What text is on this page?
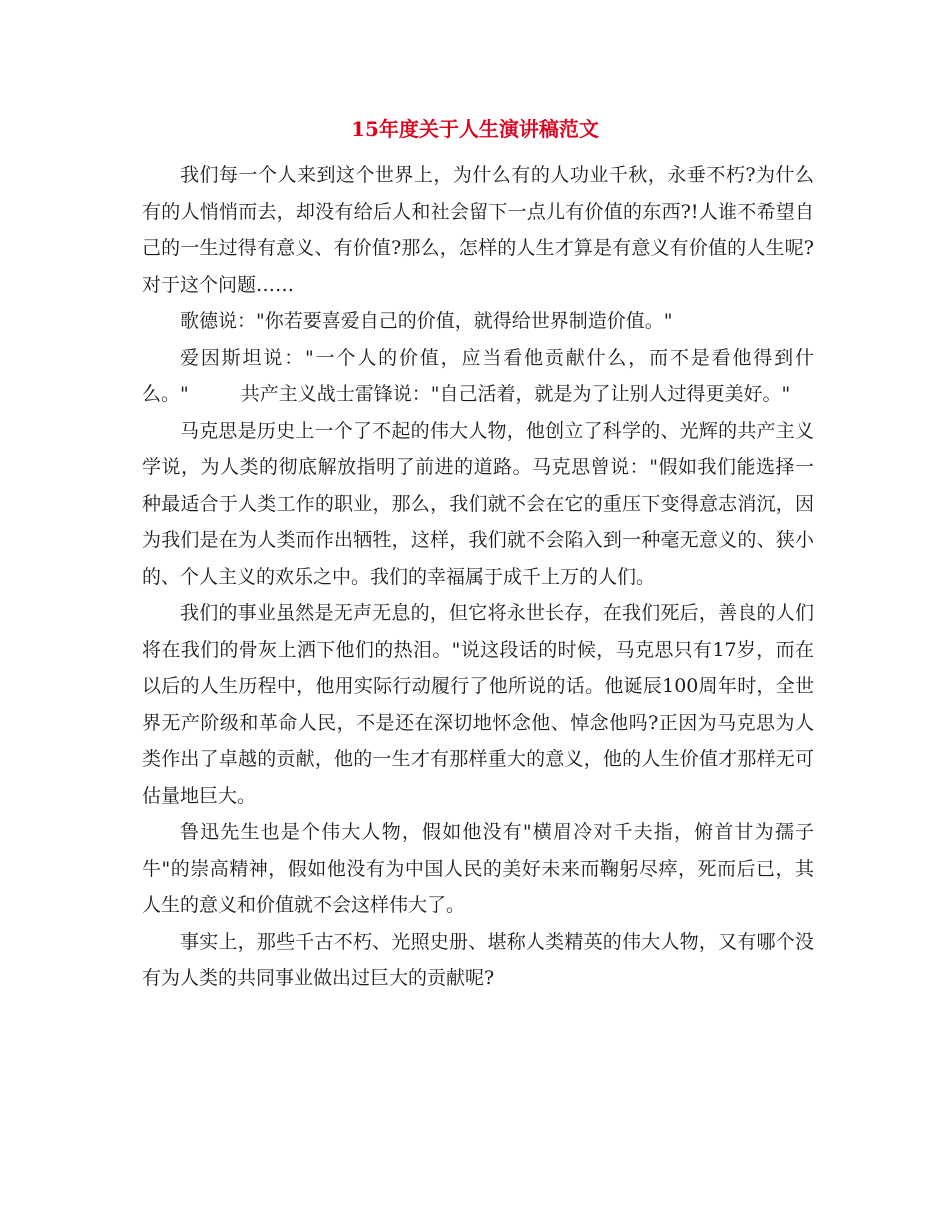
15年度关于人生演讲稿范文

我们每一个人来到这个世界上，为什么有的人功业千秋，永垂不朽?为什么有的人悄悄而去，却没有给后人和社会留下一点儿有价值的东西?!人谁不希望自己的一生过得有意义、有价值?那么，怎样的人生才算是有意义有价值的人生呢?对于这个问题……

歌德说："你若要喜爱自己的价值，就得给世界制造价值。"

爱因斯坦说："一个人的价值，应当看他贡献什么，而不是看他得到什么。"	共产主义战士雷锋说："自己活着，就是为了让别人过得更美好。"

马克思是历史上一个了不起的伟大人物，他创立了科学的、光辉的共产主义学说，为人类的彻底解放指明了前进的道路。马克思曾说："假如我们能选择一种最适合于人类工作的职业，那么，我们就不会在它的重压下变得意志消沉，因为我们是在为人类而作出牺牲，这样，我们就不会陷入到一种毫无意义的、狭小的、个人主义的欢乐之中。我们的幸福属于成千上万的人们。

我们的事业虽然是无声无息的，但它将永世长存，在我们死后，善良的人们将在我们的骨灰上洒下他们的热泪。"说这段话的时候，马克思只有17岁，而在以后的人生历程中，他用实际行动履行了他所说的话。他诞辰100周年时，全世界无产阶级和革命人民，不是还在深切地怀念他、悼念他吗?正因为马克思为人类作出了卓越的贡献，他的一生才有那样重大的意义，他的人生价值才那样无可估量地巨大。

鲁迅先生也是个伟大人物，假如他没有"横眉冷对千夫指，俯首甘为孺子牛"的崇高精神，假如他没有为中国人民的美好未来而鞠躬尽瘁，死而后已，其人生的意义和价值就不会这样伟大了。

事实上，那些千古不朽、光照史册、堪称人类精英的伟大人物，又有哪个没有为人类的共同事业做出过巨大的贡献呢?
